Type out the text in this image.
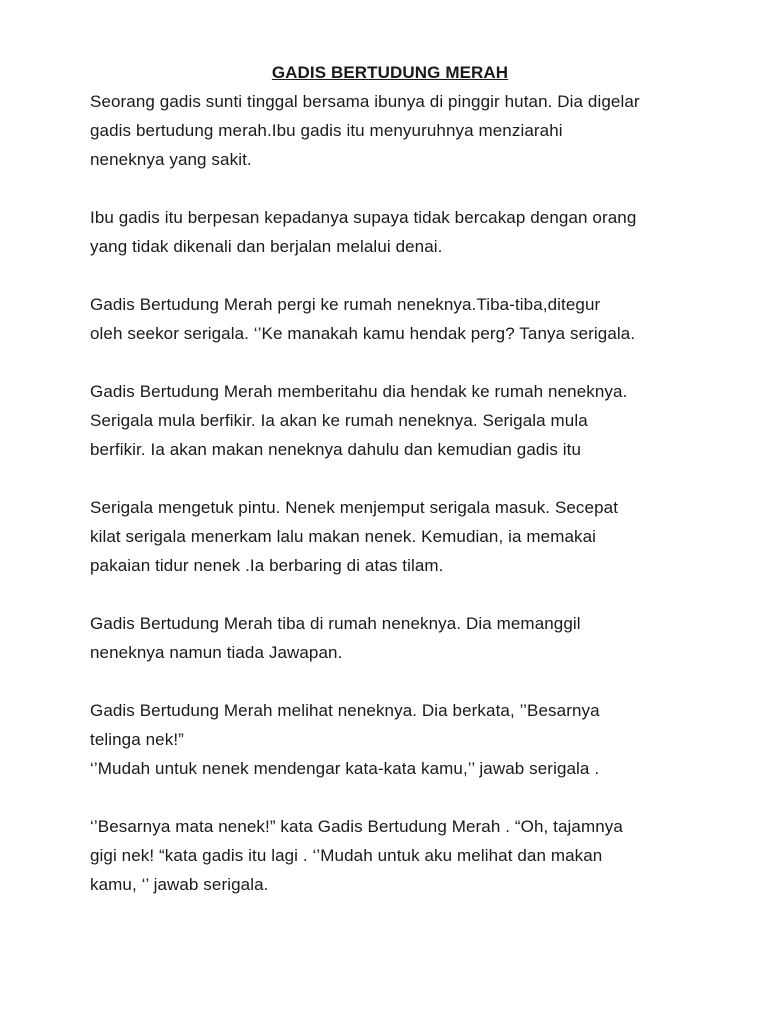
GADIS BERTUDUNG MERAH

Seorang gadis sunti tinggal bersama ibunya di pinggir hutan. Dia digelar
gadis bertudung merah.Ibu gadis itu menyuruhnya menziarahi
neneknya yang sakit.

Ibu gadis itu berpesan kepadanya supaya tidak bercakap dengan orang
yang tidak dikenali dan berjalan melalui denai.

Gadis Bertudung Merah pergi ke rumah neneknya.Tiba-tiba,ditegur
oleh seekor serigala. ‘’Ke manakah kamu hendak perg? Tanya serigala.

Gadis Bertudung Merah memberitahu dia hendak ke rumah neneknya.
Serigala mula berfikir. Ia akan ke rumah neneknya. Serigala mula
berfikir. Ia akan makan neneknya dahulu dan kemudian gadis itu

Serigala mengetuk pintu. Nenek menjemput serigala masuk. Secepat
kilat serigala menerkam lalu makan nenek. Kemudian, ia memakai
pakaian tidur nenek .Ia berbaring di atas tilam.

Gadis Bertudung Merah tiba di rumah neneknya. Dia memanggil
neneknya namun tiada Jawapan.

Gadis Bertudung Merah melihat neneknya. Dia berkata, ’’Besarnya
telinga nek!”
‘’Mudah untuk nenek mendengar kata-kata kamu,’’ jawab serigala .

‘’Besarnya mata nenek!” kata Gadis Bertudung Merah . “Oh, tajamnya
gigi nek! “kata gadis itu lagi . ‘’Mudah untuk aku melihat dan makan
kamu, ‘’ jawab serigala.
